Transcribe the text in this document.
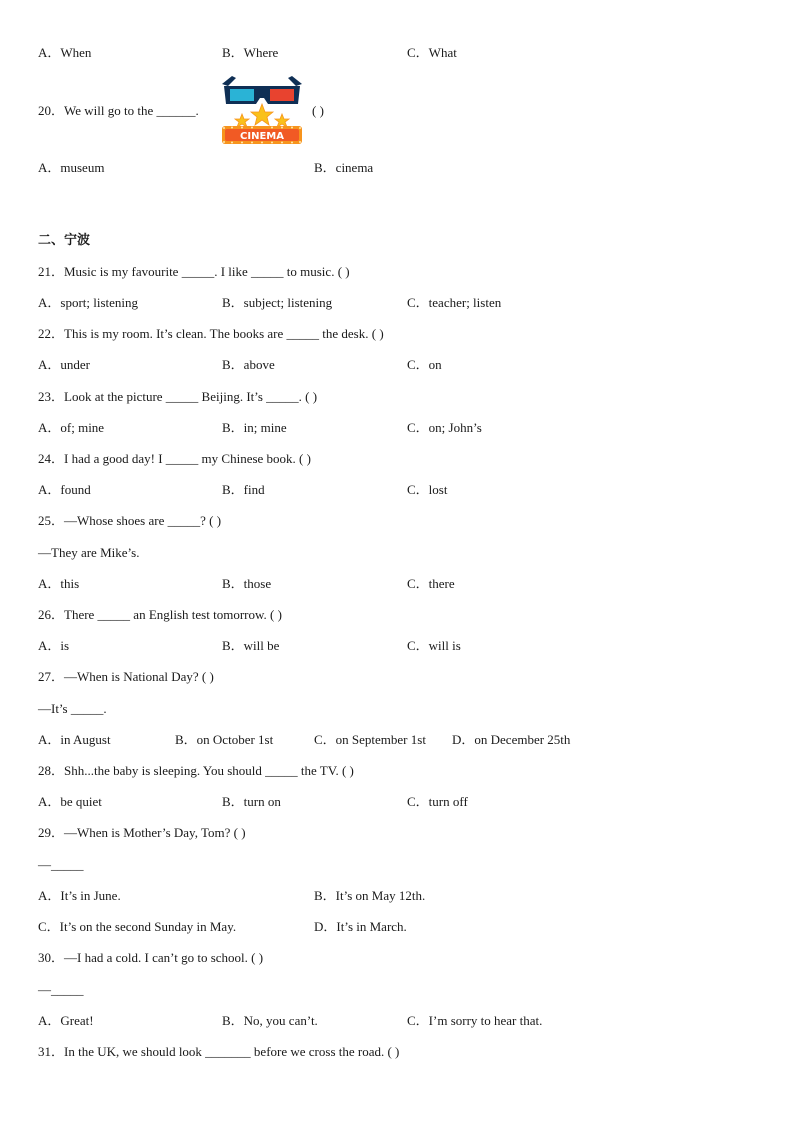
A．When	B．Where	C．What
20．We will go to the ______.
CINEMA
( )
A．museum	B．cinema
二、宁波
21．Music is my favourite _____. I like _____ to music. ( )
A．sport; listening	B．subject; listening	C．teacher; listen
22．This is my room. It’s clean. The books are _____ the desk. ( )
A．under	B．above	C．on
23．Look at the picture _____ Beijing. It’s _____. ( )
A．of; mine	B．in; mine	C．on; John’s
24．I had a good day! I _____ my Chinese book. ( )
A．found	B．find	C．lost
25．—Whose shoes are _____? ( )
—They are Mike’s.
A．this	B．those	C．there
26．There _____ an English test tomorrow. ( )
A．is	B．will be	C．will is
27．—When is National Day? ( )
—It’s _____.
A．in August	B．on October 1st	C．on September 1st D．on December 25th
28．Shh...the baby is sleeping. You should _____ the TV. ( )
A．be quiet	B．turn on	C．turn off
29．—When is Mother’s Day, Tom? ( )
—_____
A．It’s in June.	B．It’s on May 12th.
C．It’s on the second Sunday in May.	D．It’s in March.
30．—I had a cold. I can’t go to school. ( )
—_____
A．Great!	B．No, you can’t.	C．I’m sorry to hear that.
31．In the UK, we should look _______ before we cross the road. ( )
